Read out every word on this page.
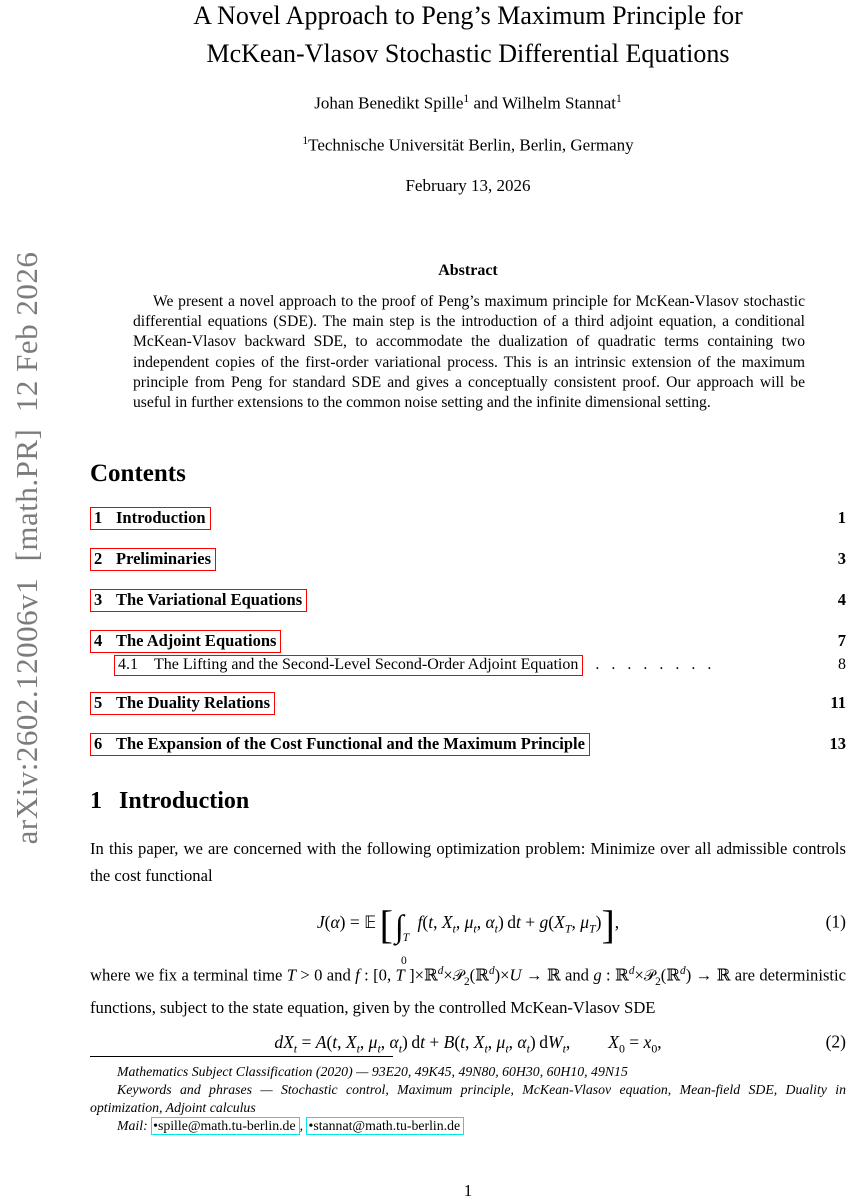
arXiv:2602.12006v1  [math.PR]  12 Feb 2026
A Novel Approach to Peng’s Maximum Principle for
McKean-Vlasov Stochastic Differential Equations
Johan Benedikt Spille$^1$ and Wilhelm Stannat$^1$
$^1$Technische Universität Berlin, Berlin, Germany
February 13, 2026
Abstract
We present a novel approach to the proof of Peng’s maximum principle for McKean-Vlasov stochastic differential equations (SDE). The main step is the introduction of a third adjoint equation, a conditional McKean-Vlasov backward SDE, to accommodate the dualization of quadratic terms containing two independent copies of the first-order variational process. This is an intrinsic extension of the maximum principle from Peng for standard SDE and gives a conceptually consistent proof. Our approach will be useful in further extensions to the common noise setting and the infinite dimensional setting.
Contents
1 Introduction	1
2 Preliminaries	3
3 The Variational Equations	4
4 The Adjoint Equations	7
4.1 The Lifting and the Second-Level Second-Order Adjoint Equation	. . . . . . . .	8
5 The Duality Relations	11
6 The Expansion of the Cost Functional and the Maximum Principle	13
1 Introduction
In this paper, we are concerned with the following optimization problem: Minimize over all admissible controls the cost functional
J(α) = 𝔼 [∫ T
0
f(t, $X_t$, $\mu_t$, $\alpha_t$) dt + $g(X_T$, $\mu_T$)],	(1)
where we fix a terminal time T > 0 and f : [0, T ]×ℝ$^d$×𝒫$_2$(ℝ$^d$)×U → ℝ and g : ℝ$^d$×𝒫$_2$(ℝ$^d$) → ℝ are deterministic functions, subject to the state equation, given by the controlled McKean-Vlasov SDE
$dX_t = A(t$, $X_t$, $\mu_t$, $\alpha_t$) dt + B(t, $X_t$, $\mu_t$, $\alpha_t$) $dW_t$, $X_0 = x_0$,	(2)

Mathematics Subject Classification (2020) — 93E20, 49K45, 49N80, 60H30, 60H10, 49N15

Keywords and phrases — Stochastic control, Maximum principle, McKean-Vlasov equation, Mean-field SDE, Duality in optimization, Adjoint calculus

Mail: •spille@math.tu-berlin.de , •stannat@math.tu-berlin.de

1
